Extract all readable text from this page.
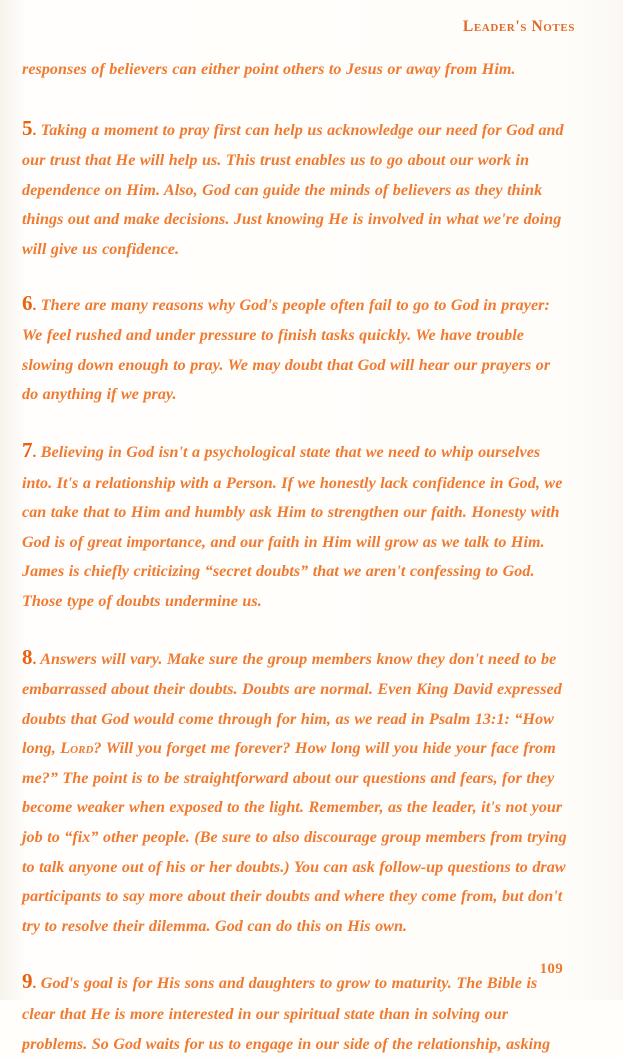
Leader's Notes

responses of believers can either point others to Jesus or away from Him.

5. Taking a moment to pray first can help us acknowledge our need for God and our trust that He will help us. This trust enables us to go about our work in dependence on Him. Also, God can guide the minds of believers as they think things out and make decisions. Just knowing He is involved in what we're doing will give us confidence.

6. There are many reasons why God's people often fail to go to God in prayer: We feel rushed and under pressure to finish tasks quickly. We have trouble slowing down enough to pray. We may doubt that God will hear our prayers or do anything if we pray.

7. Believing in God isn't a psychological state that we need to whip ourselves into. It's a relationship with a Person. If we honestly lack confidence in God, we can take that to Him and humbly ask Him to strengthen our faith. Honesty with God is of great importance, and our faith in Him will grow as we talk to Him. James is chiefly criticizing “secret doubts” that we aren't confessing to God. Those type of doubts undermine us.

8. Answers will vary. Make sure the group members know they don't need to be embarrassed about their doubts. Doubts are normal. Even King David expressed doubts that God would come through for him, as we read in Psalm 13:1: “How long, Lord? Will you forget me forever? How long will you hide your face from me?” The point is to be straightforward about our questions and fears, for they become weaker when exposed to the light. Remember, as the leader, it's not your job to “fix” other people. (Be sure to also discourage group members from trying to talk anyone out of his or her doubts.) You can ask follow-up questions to draw participants to say more about their doubts and where they come from, but don't try to resolve their dilemma. God can do this on His own.

9. God's goal is for His sons and daughters to grow to maturity. The Bible is clear that He is more interested in our spiritual state than in solving our problems. So God waits for us to engage in our side of the relationship, asking

109
